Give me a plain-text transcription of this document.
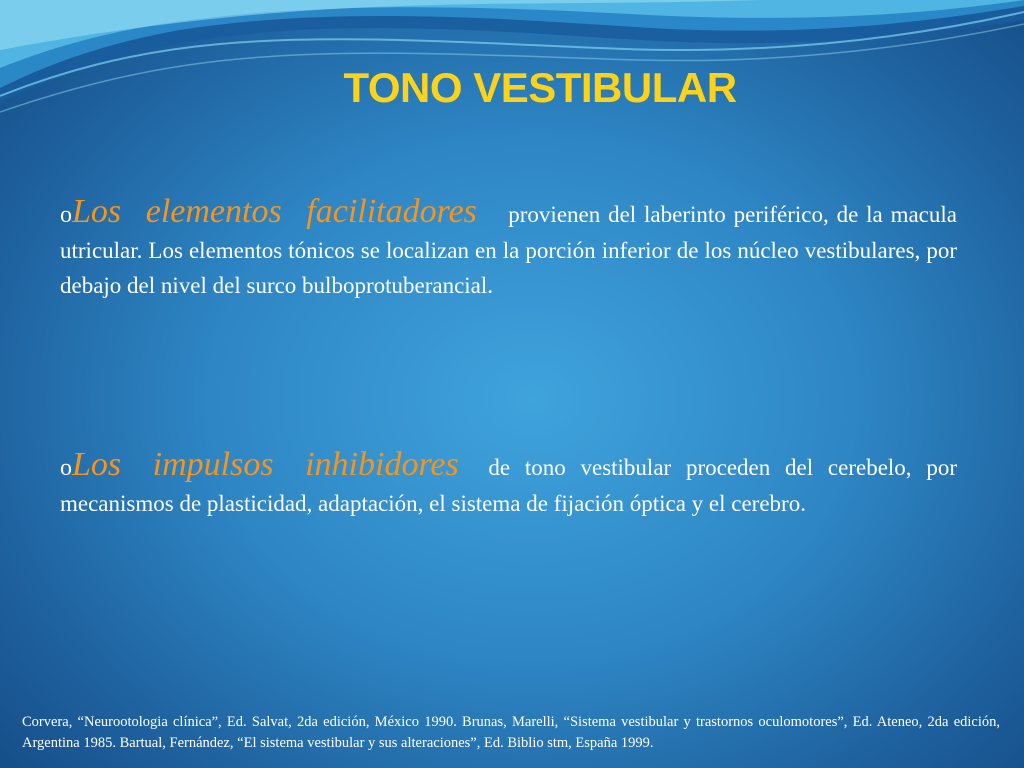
TONO VESTIBULAR

oLos elementos facilitadores provienen del laberinto periférico, de la macula utricular. Los elementos tónicos se localizan en la porción inferior de los núcleo vestibulares, por debajo del nivel del surco bulboprotuberancial.

oLos impulsos inhibidores de tono vestibular proceden del cerebelo, por mecanismos de plasticidad, adaptación, el sistema de fijación óptica y el cerebro.

Corvera, “Neurootologia clínica”, Ed. Salvat, 2da edición, México 1990. Brunas, Marelli, “Sistema vestibular y trastornos oculomotores”, Ed. Ateneo, 2da edición, Argentina 1985. Bartual, Fernández, “El sistema vestibular y sus alteraciones”, Ed. Biblio stm, España 1999.
